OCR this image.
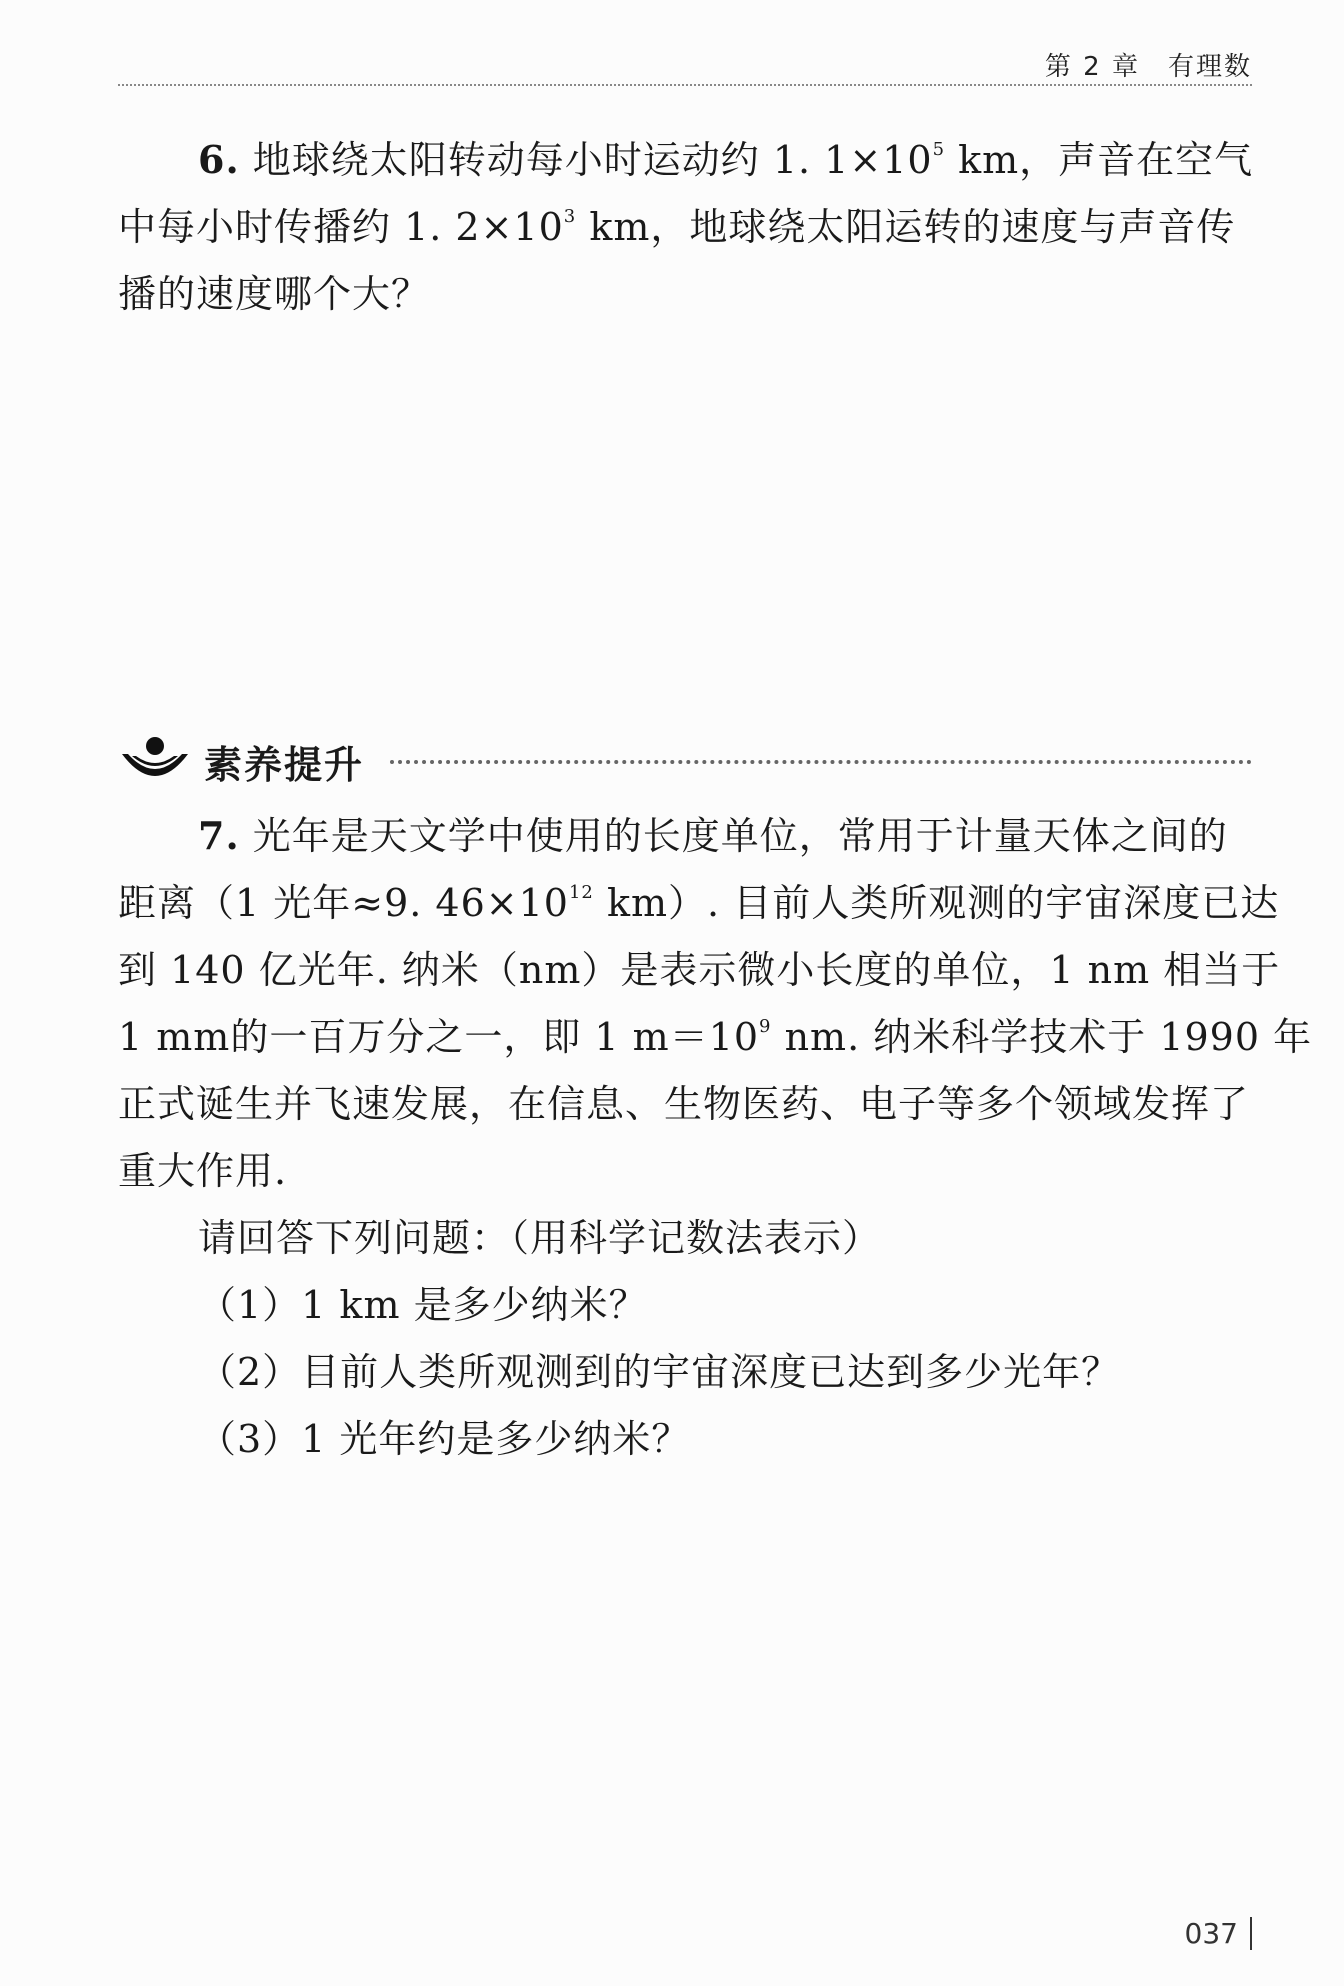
第 2 章　有理数
6. 地球绕太阳转动每小时运动约 1. $1\times 10^5$ km，声音在空气
中每小时传播约 1. $2\times 10^3$ km，地球绕太阳运转的速度与声音传
播的速度哪个大？
素养提升
7. 光年是天文学中使用的长度单位，常用于计量天体之间的
距离（1 光年≈9. $46\times 10^{12}$ km）. 目前人类所观测的宇宙深度已达
到 140 亿光年. 纳米（nm）是表示微小长度的单位，1 nm 相当于
1 mm的一百万分之一，即 1 $m=10^9$ nm. 纳米科学技术于 1990 年
正式诞生并飞速发展，在信息、生物医药、电子等多个领域发挥了
重大作用.
请回答下列问题：（用科学记数法表示）
（1）1 km 是多少纳米？
（2）目前人类所观测到的宇宙深度已达到多少光年？
（3）1 光年约是多少纳米？
037
